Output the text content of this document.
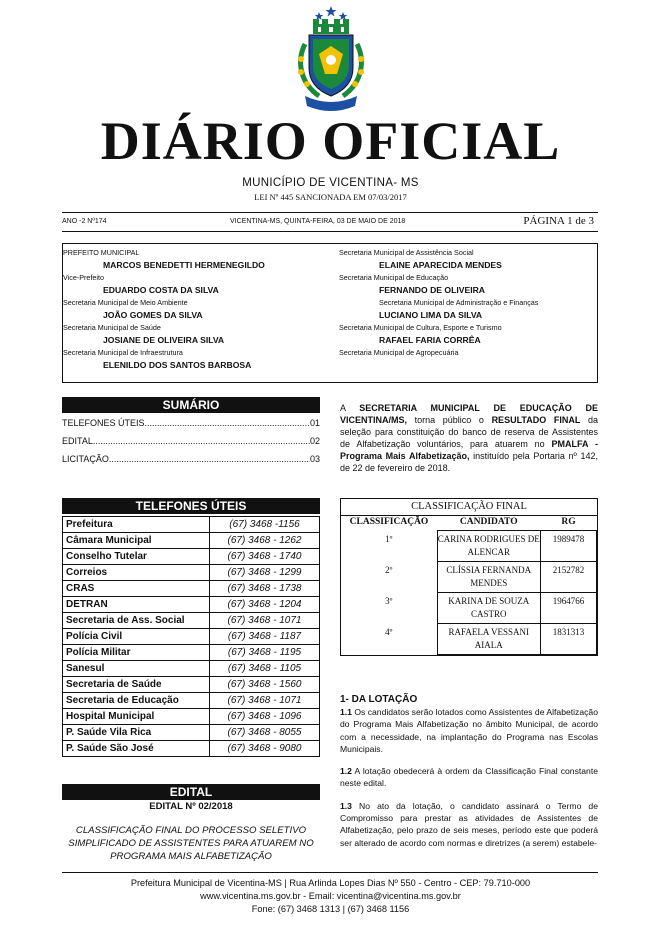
DIÁRIO OFICIAL
MUNICÍPIO DE VICENTINA- MS
LEI Nº 445 SANCIONADA EM 07/03/2017
ANO -2 Nº174	VICENTINA-MS, QUINTA-FEIRA, 03 DE MAIO DE 2018	PÁGINA 1 de 3
PREFEITO MUNICIPAL
MARCOS BENEDETTI HERMENEGILDO
Vice-Prefeito
EDUARDO COSTA DA SILVA
Secretaria Municipal de Meio Ambiente
JOÃO GOMES DA SILVA
Secretaria Municipal de Saúde
JOSIANE DE OLIVEIRA SILVA
Secretaria Municipal de Infraestrutura
ELENILDO DOS SANTOS BARBOSA
Secretaria Municipal de Assistência Social
ELAINE APARECIDA MENDES
Secretaria Municipal de Educação
FERNANDO DE OLIVEIRA
Secretaria Municipal de Administração e Finanças
LUCIANO LIMA DA SILVA
Secretaria Municipal de Cultura, Esporte e Turismo
RAFAEL FARIA CORRÊA
Secretaria Municipal de Agropecuária
SUMÁRIO
TELEFONES ÚTEIS .....	01
EDITAL .....	02
LICITAÇÃO .....	03
TELEFONES ÚTEIS
Prefeitura	(67) 3468 -1156
Câmara Municipal	(67) 3468 - 1262
Conselho Tutelar	(67) 3468 - 1740
Correios	(67) 3468 - 1299
CRAS	(67) 3468 - 1738
DETRAN	(67) 3468 - 1204
Secretaria de Ass. Social	(67) 3468 - 1071
Polícia Civil	(67) 3468 - 1187
Polícia Militar	(67) 3468 - 1195
Sanesul	(67) 3468 - 1105
Secretaria de Saúde	(67) 3468 - 1560
Secretaria de Educação	(67) 3468 - 1071
Hospital Municipal	(67) 3468 - 1096
P. Saúde Vila Rica	(67) 3468 - 8055
P. Saúde São José	(67) 3468 - 9080
EDITAL
EDITAL Nº 02/2018
CLASSIFICAÇÃO FINAL DO PROCESSO SELETIVO SIMPLIFICADO DE ASSISTENTES PARA ATUAREM NO PROGRAMA MAIS ALFABETIZAÇÃO
A SECRETARIA MUNICIPAL DE EDUCAÇÃO DE VICENTINA/MS, torna público o RESULTADO FINAL da seleção para constituição do banco de reserva de Assistentes de Alfabetização voluntários, para atuarem no PMALFA - Programa Mais Alfabetização, instituído pela Portaria nº 142, de 22 de fevereiro de 2018.
CLASSIFICAÇÃO FINAL
CLASSIFICAÇÃO	CANDIDATO	RG
1º	CARINA RODRIGUES DE ALENCAR	1989478
2º	CLÍSSIA FERNANDA MENDES	2152782
3º	KARINA DE SOUZA CASTRO	1964766
4º	RAFAELA VESSANI AIALA	1831313
1- DA LOTAÇÃO

1.1 Os candidatos serão lotados como Assistentes de Alfabetização do Programa Mais Alfabetização no âmbito Municipal, de acordo com a necessidade, na implantação do Programa nas Escolas Municipais.

1.2 A lotação obedecerá à ordem da Classificação Final constante neste edital.

1.3 No ato da lotação, o candidato assinará o Termo de Compromisso para prestar as atividades de Assistentes de Alfabetização, pelo prazo de seis meses, período este que poderá ser alterado de acordo com normas e diretrizes (a serem) estabele-

Prefeitura Municipal de Vicentina-MS | Rua Arlinda Lopes Dias Nº 550 - Centro - CEP: 79.710-000
www.vicentina.ms.gov.br - Email: vicentina@vicentina.ms.gov.br
Fone: (67) 3468 1313 | (67) 3468 1156
